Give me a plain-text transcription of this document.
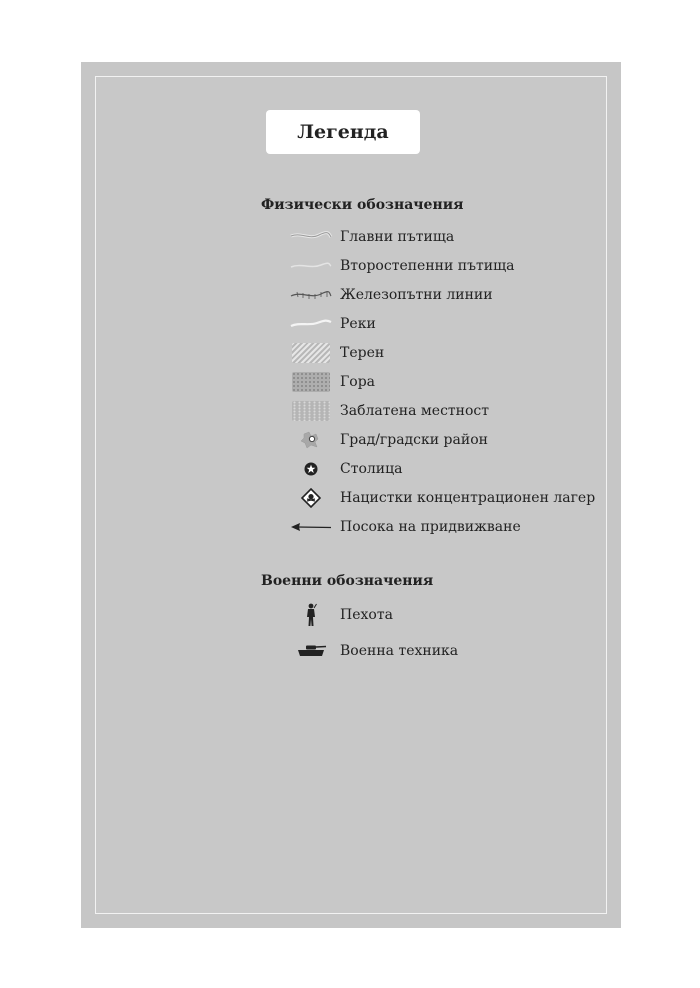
Легенда
Физически обозначения
Главни пътища
Второстепенни пътища
Железопътни линии
Реки
Терен
Гора
Заблатена местност
Град/градски район
Столица
Нацистки концентрационен лагер
Посока на придвижване
Военни обозначения
Пехота
Военна техника
